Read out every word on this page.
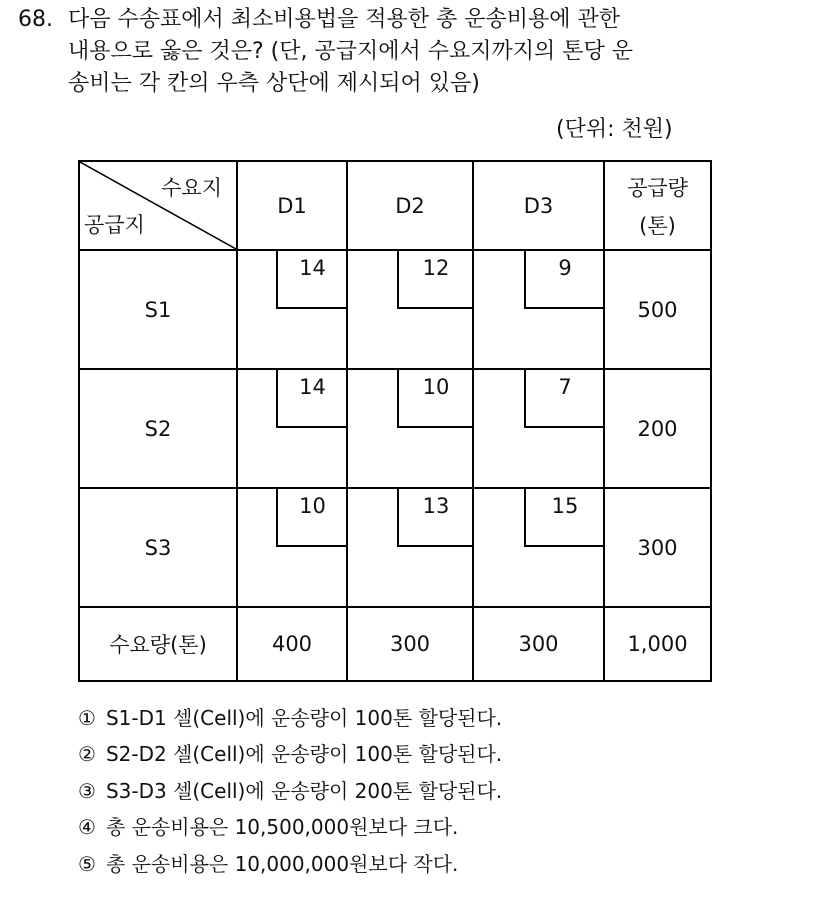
68. 다음 수송표에서 최소비용법을 적용한 총 운송비용에 관한
내용으로 옳은 것은? (단, 공급지에서 수요지까지의 톤당 운
송비는 각 칸의 우측 상단에 제시되어 있음)
(단위: 천원)
수요지
공급지
	D1	D2	D3	
공급량
(톤)

S1	14	12	9	500
S2	14	10	7	200
S3	10	13	15	300
수요량(톤)	400	300	300	1,000
① S1-D1 셀(Cell)에 운송량이 100톤 할당된다.
② S2-D2 셀(Cell)에 운송량이 100톤 할당된다.
③ S3-D3 셀(Cell)에 운송량이 200톤 할당된다.
④ 총 운송비용은 10,500,000원보다 크다.
⑤ 총 운송비용은 10,000,000원보다 작다.
